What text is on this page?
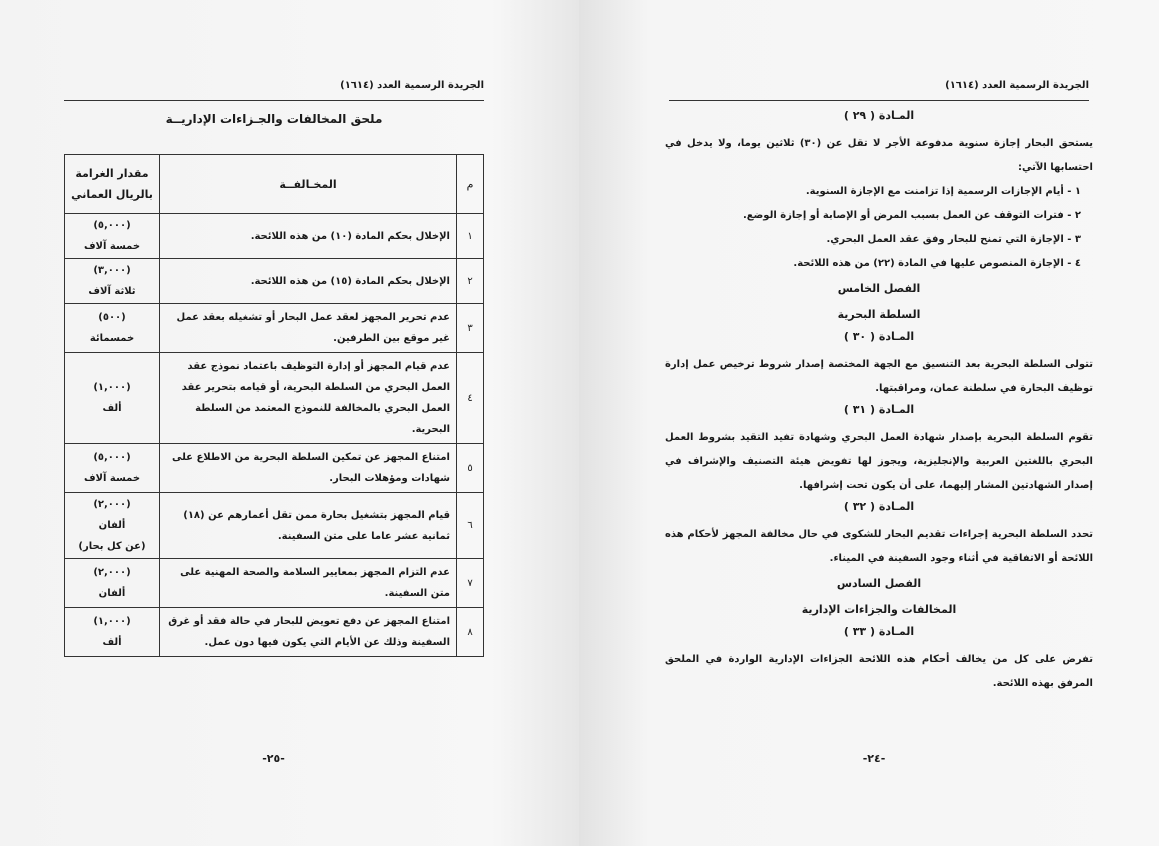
الجريدة الرسمية العدد (١٦١٤)
ملحق المخالفات والجـزاءات الإداريــة
م	المخـالفــة	مقدار الغرامة
بالريال العماني

١	الإخلال بحكم المادة (١٠) من هذه اللائحة.	(٥,٠٠٠)
خمسة آلاف

٢	الإخلال بحكم المادة (١٥) من هذه اللائحة.	(٣,٠٠٠)
ثلاثة آلاف

٣	عدم تحرير المجهز لعقد عمل البحار أو تشغيله بعقد عمل غير موقع بين الطرفين.	(٥٠٠)
خمسمائة

٤	عدم قيام المجهز أو إدارة التوظيف باعتماد نموذج عقد العمل البحري من السلطة البحرية، أو قيامه بتحرير عقد العمل البحري بالمخالفة للنموذج المعتمد من السلطة البحرية.	(١,٠٠٠)
ألف

٥	امتناع المجهز عن تمكين السلطة البحرية من الاطلاع على شهادات ومؤهلات البحار.	(٥,٠٠٠)
خمسة آلاف

٦	قيام المجهز بتشغيل بحارة ممن تقل أعمارهم عن (١٨) ثمانية عشر عاما على متن السفينة.	(٢,٠٠٠)
ألفان
(عن كل بحار)

٧	عدم التزام المجهز بمعايير السلامة والصحة المهنية على متن السفينة.	(٢,٠٠٠)
ألفان

٨	امتناع المجهز عن دفع تعويض للبحار في حالة فقد أو غرق السفينة وذلك عن الأيام التي يكون فيها دون عمل.	(١,٠٠٠)
ألف
-٢٥-
الجريدة الرسمية العدد (١٦١٤)
المـادة ( ٢٩ )

يستحق البحار إجازة سنوية مدفوعة الأجر لا تقل عن (٣٠) ثلاثين يوما، ولا يدخل في احتسابها الآتي:

١ - أيام الإجازات الرسمية إذا تزامنت مع الإجازة السنوية.
٢ - فترات التوقف عن العمل بسبب المرض أو الإصابة أو إجازة الوضع.
٣ - الإجازة التي تمنح للبحار وفق عقد العمل البحري.
٤ - الإجازة المنصوص عليها في المادة (٢٢) من هذه اللائحة.
الفصل الخامس
السلطة البحرية
المـادة ( ٣٠ )

تتولى السلطة البحرية بعد التنسيق مع الجهة المختصة إصدار شروط ترخيص عمل إدارة توظيف البحارة في سلطنة عمان، ومراقبتها.

المـادة ( ٣١ )

تقوم السلطة البحرية بإصدار شهادة العمل البحري وشهادة تفيد التقيد بشروط العمل البحري باللغتين العربية والإنجليزية، ويجوز لها تفويض هيئة التصنيف والإشراف في إصدار الشهادتين المشار إليهما، على أن يكون تحت إشرافها.

المـادة ( ٣٢ )

تحدد السلطة البحرية إجراءات تقديم البحار للشكوى في حال مخالفة المجهز لأحكام هذه اللائحة أو الاتفاقية في أثناء وجود السفينة في الميناء.

الفصل السادس
المخالفات والجزاءات الإدارية
المـادة ( ٣٣ )

تفرض على كل من يخالف أحكام هذه اللائحة الجزاءات الإدارية الواردة في الملحق المرفق بهذه اللائحة.

-٢٤-
